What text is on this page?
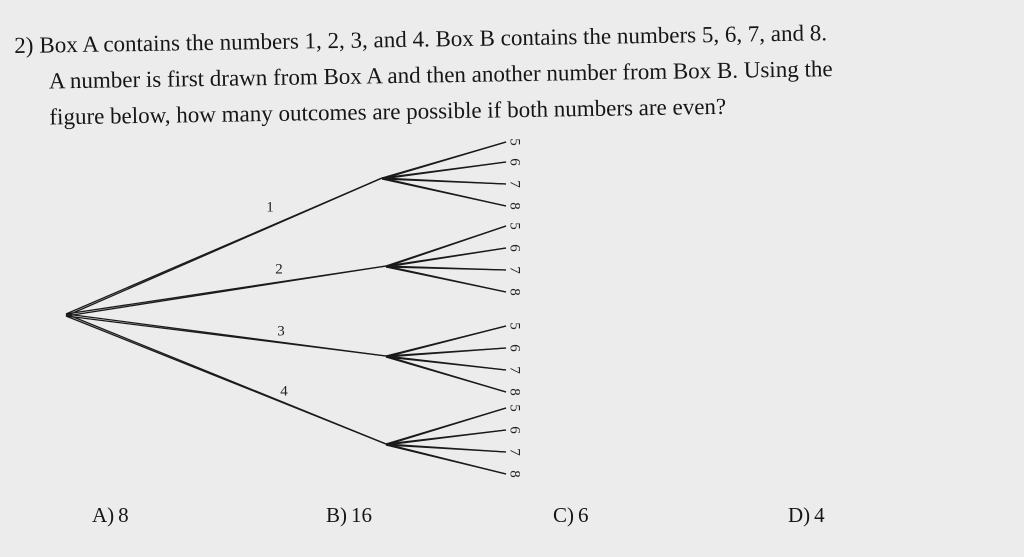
2) Box A contains the numbers 1, 2, 3, and 4. Box B contains the numbers 5, 6, 7, and 8.
A number is first drawn from Box A and then another number from Box B. Using the
figure below, how many outcomes are possible if both numbers are even?
1
5
6
7
8
2
5
6
7
8
3	5
6
7
8
4
5
6
7
8
A) 8	B) 16	C) 6	D) 4
